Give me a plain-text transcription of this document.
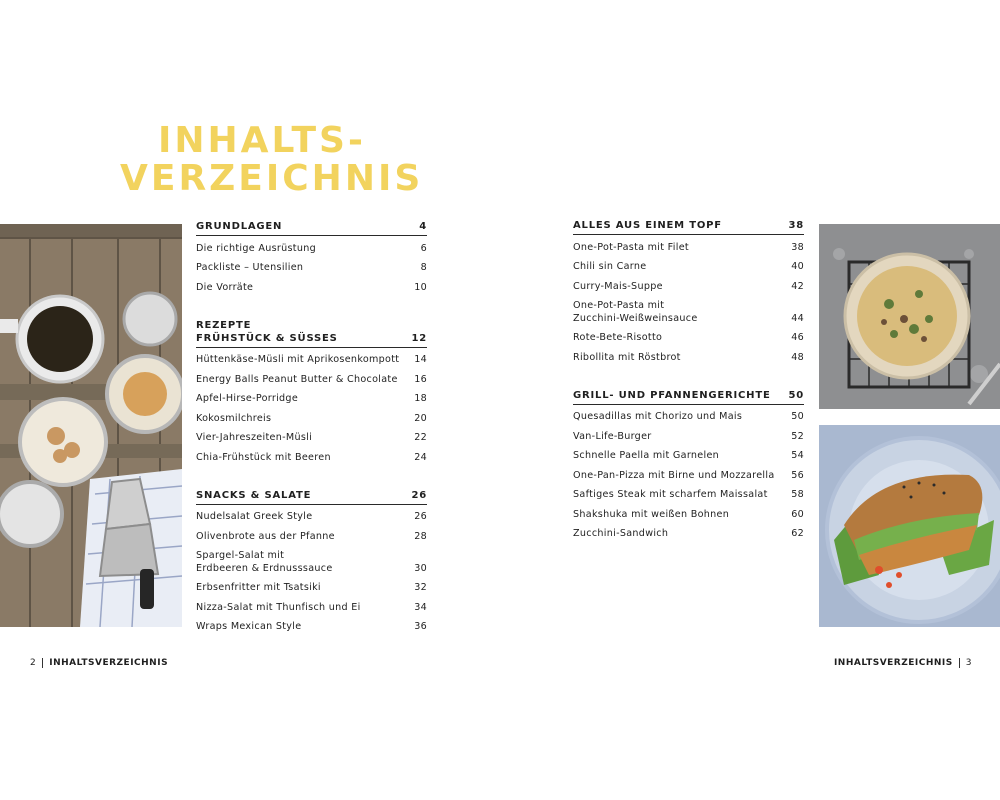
INHALTS-
VERZEICHNIS
GRUNDLAGEN	4
Die richtige Ausrüstung	6
Packliste – Utensilien	8
Die Vorräte	10
REZEPTE
FRÜHSTÜCK & SÜSSES	12
Hüttenkäse-Müsli mit Aprikosenkompott	14
Energy Balls Peanut Butter & Chocolate	16
Apfel-Hirse-Porridge	18
Kokosmilchreis	20
Vier-Jahreszeiten-Müsli	22
Chia-Frühstück mit Beeren	24
SNACKS & SALATE	26
Nudelsalat Greek Style	26
Olivenbrote aus der Pfanne	28
Spargel-Salat mit
Erdbeeren & Erdnusssauce	30
Erbsenfritter mit Tsatsiki	32
Nizza-Salat mit Thunfisch und Ei	34
Wraps Mexican Style	36
ALLES AUS EINEM TOPF	38
One-Pot-Pasta mit Filet	38
Chili sin Carne	40
Curry-Mais-Suppe	42
One-Pot-Pasta mit
Zucchini-Weißweinsauce	44
Rote-Bete-Risotto	46
Ribollita mit Röstbrot	48
GRILL- UND PFANNENGERICHTE	50
Quesadillas mit Chorizo und Mais	50
Van-Life-Burger	52
Schnelle Paella mit Garnelen	54
One-Pan-Pizza mit Birne und Mozzarella	56
Saftiges Steak mit scharfem Maissalat	58
Shakshuka mit weißen Bohnen	60
Zucchini-Sandwich	62
2 INHALTSVERZEICHNIS	INHALTSVERZEICHNIS 3
